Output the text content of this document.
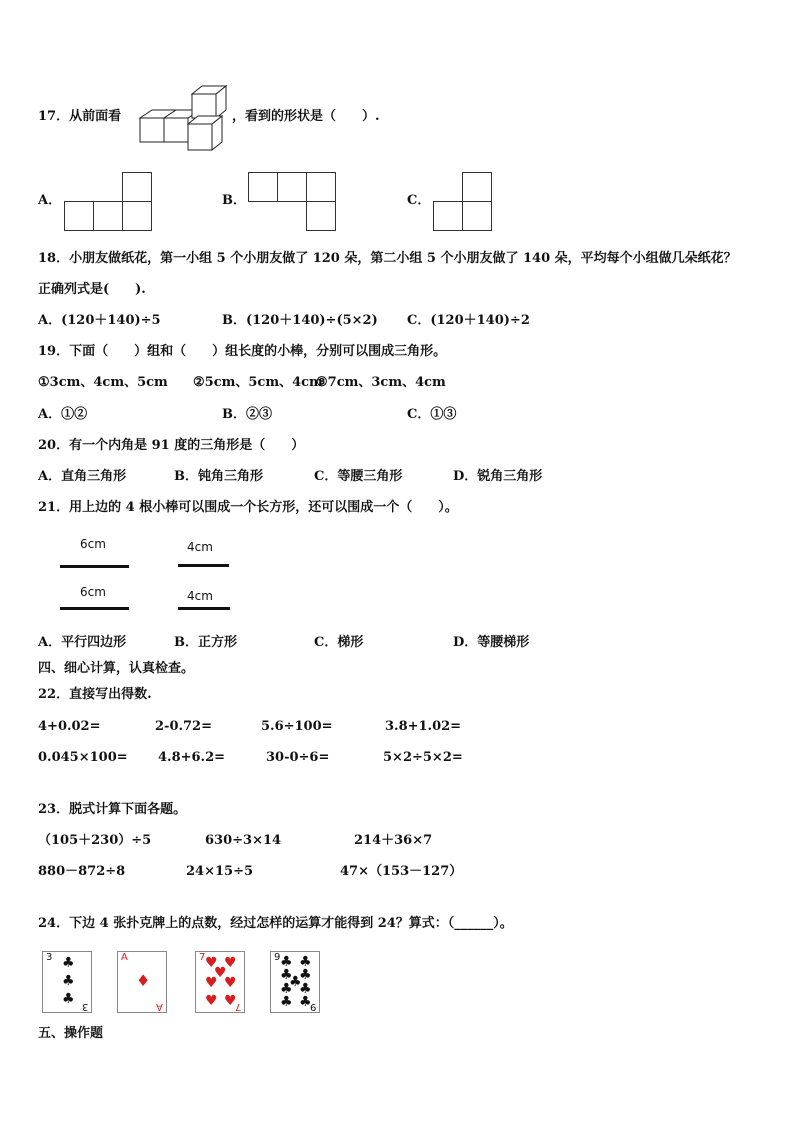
17．从前面看	，看到的形状是（　　）.
A．	B．	C．
18．小朋友做纸花，第一小组 5 个小朋友做了 120 朵，第二小组 5 个小朋友做了 140 朵，平均每个小组做几朵纸花？
正确列式是(　　).
A．(120＋140)÷5	B．(120＋140)÷(5×2) C．(120＋140)÷2
19．下面（　　）组和（　　）组长度的小棒，分别可以围成三角形。
①3cm、4cm、5cm ②5cm、5cm、4cm
③7cm、3cm、4cm
A．①②	B．②③	C．①③
20．有一个内角是 91 度的三角形是（　　）
A．直角三角形	B．钝角三角形	C．等腰三角形	D．锐角三角形
21．用上边的 4 根小棒可以围成一个长方形，还可以围成一个（　　）。
6cm	4cm
6cm	4cm
A．平行四边形	B．正方形	C．梯形	D．等腰梯形
四、细心计算，认真检查。
22．直接写出得数.
4+0.02=	2-0.72=	5.6÷100=	3.8+1.02=
0.045×100= 4.8+6.2=	30-0÷6=	5×2÷5×2=
23．脱式计算下面各题。
（105＋230）÷5	630÷3×14	214＋36×7
880－872÷8	24×15÷5	47×（153－127）
24．下边 4 张扑克牌上的点数，经过怎样的运算才能得到 24？算式：（______）。
3 ♣
♣
♣ 3
A
♦
A
7 ♥ ♥
♥
♥ ♥
♥ ♥
7
9 ♣ ♣
♣ ♣
♣
♣ ♣
♣ ♣
9
五、操作题
